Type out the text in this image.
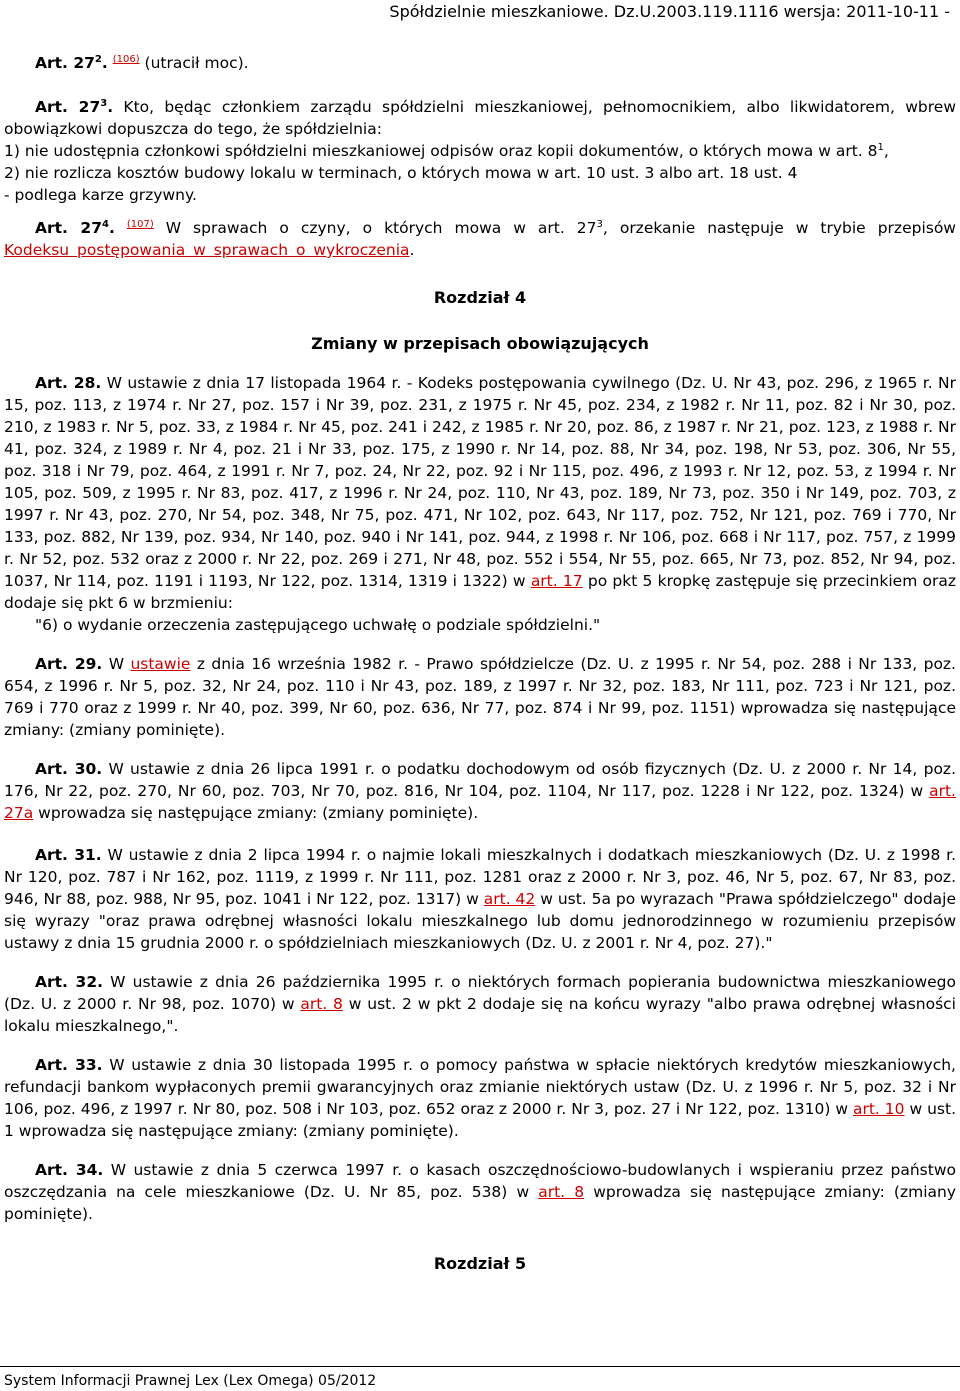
Spółdzielnie mieszkaniowe. Dz.U.2003.119.1116 wersja: 2011-10-11 -

Art. $27^2$. $^{(106)}$ (utracił moc).

Art. $27^3$. Kto, będąc członkiem zarządu spółdzielni mieszkaniowej, pełnomocnikiem, albo likwidatorem, wbrew obowiązkowi dopuszcza do tego, że spółdzielnia:

1) nie udostępnia członkowi spółdzielni mieszkaniowej odpisów oraz kopii dokumentów, o których mowa w art. $8^1$,

2) nie rozlicza kosztów budowy lokalu w terminach, o których mowa w art. 10 ust. 3 albo art. 18 ust. 4

- podlega karze grzywny.

Art. $27^4$. $^{(107)}$ W sprawach o czyny, o których mowa w art. $27^3$, orzekanie następuje w trybie przepisów Kodeksu postępowania w sprawach o wykroczenia.

Rozdział 4

Zmiany w przepisach obowiązujących

Art. 28. W ustawie z dnia 17 listopada 1964 r. - Kodeks postępowania cywilnego (Dz. U. Nr 43, poz. 296, z 1965 r. Nr 15, poz. 113, z 1974 r. Nr 27, poz. 157 i Nr 39, poz. 231, z 1975 r. Nr 45, poz. 234, z 1982 r. Nr 11, poz. 82 i Nr 30, poz. 210, z 1983 r. Nr 5, poz. 33, z 1984 r. Nr 45, poz. 241 i 242, z 1985 r. Nr 20, poz. 86, z 1987 r. Nr 21, poz. 123, z 1988 r. Nr 41, poz. 324, z 1989 r. Nr 4, poz. 21 i Nr 33, poz. 175, z 1990 r. Nr 14, poz. 88, Nr 34, poz. 198, Nr 53, poz. 306, Nr 55, poz. 318 i Nr 79, poz. 464, z 1991 r. Nr 7, poz. 24, Nr 22, poz. 92 i Nr 115, poz. 496, z 1993 r. Nr 12, poz. 53, z 1994 r. Nr 105, poz. 509, z 1995 r. Nr 83, poz. 417, z 1996 r. Nr 24, poz. 110, Nr 43, poz. 189, Nr 73, poz. 350 i Nr 149, poz. 703, z 1997 r. Nr 43, poz. 270, Nr 54, poz. 348, Nr 75, poz. 471, Nr 102, poz. 643, Nr 117, poz. 752, Nr 121, poz. 769 i 770, Nr 133, poz. 882, Nr 139, poz. 934, Nr 140, poz. 940 i Nr 141, poz. 944, z 1998 r. Nr 106, poz. 668 i Nr 117, poz. 757, z 1999 r. Nr 52, poz. 532 oraz z 2000 r. Nr 22, poz. 269 i 271, Nr 48, poz. 552 i 554, Nr 55, poz. 665, Nr 73, poz. 852, Nr 94, poz. 1037, Nr 114, poz. 1191 i 1193, Nr 122, poz. 1314, 1319 i 1322) w art. 17 po pkt 5 kropkę zastępuje się przecinkiem oraz dodaje się pkt 6 w brzmieniu:

"6) o wydanie orzeczenia zastępującego uchwałę o podziale spółdzielni."

Art. 29. W ustawie z dnia 16 września 1982 r. - Prawo spółdzielcze (Dz. U. z 1995 r. Nr 54, poz. 288 i Nr 133, poz. 654, z 1996 r. Nr 5, poz. 32, Nr 24, poz. 110 i Nr 43, poz. 189, z 1997 r. Nr 32, poz. 183, Nr 111, poz. 723 i Nr 121, poz. 769 i 770 oraz z 1999 r. Nr 40, poz. 399, Nr 60, poz. 636, Nr 77, poz. 874 i Nr 99, poz. 1151) wprowadza się następujące zmiany: (zmiany pominięte).

Art. 30. W ustawie z dnia 26 lipca 1991 r. o podatku dochodowym od osób fizycznych (Dz. U. z 2000 r. Nr 14, poz. 176, Nr 22, poz. 270, Nr 60, poz. 703, Nr 70, poz. 816, Nr 104, poz. 1104, Nr 117, poz. 1228 i Nr 122, poz. 1324) w art. 27a wprowadza się następujące zmiany: (zmiany pominięte).

Art. 31. W ustawie z dnia 2 lipca 1994 r. o najmie lokali mieszkalnych i dodatkach mieszkaniowych (Dz. U. z 1998 r. Nr 120, poz. 787 i Nr 162, poz. 1119, z 1999 r. Nr 111, poz. 1281 oraz z 2000 r. Nr 3, poz. 46, Nr 5, poz. 67, Nr 83, poz. 946, Nr 88, poz. 988, Nr 95, poz. 1041 i Nr 122, poz. 1317) w art. 42 w ust. 5a po wyrazach "Prawa spółdzielczego" dodaje się wyrazy "oraz prawa odrębnej własności lokalu mieszkalnego lub domu jednorodzinnego w rozumieniu przepisów ustawy z dnia 15 grudnia 2000 r. o spółdzielniach mieszkaniowych (Dz. U. z 2001 r. Nr 4, poz. 27)."

Art. 32. W ustawie z dnia 26 października 1995 r. o niektórych formach popierania budownictwa mieszkaniowego (Dz. U. z 2000 r. Nr 98, poz. 1070) w art. 8 w ust. 2 w pkt 2 dodaje się na końcu wyrazy "albo prawa odrębnej własności lokalu mieszkalnego,".

Art. 33. W ustawie z dnia 30 listopada 1995 r. o pomocy państwa w spłacie niektórych kredytów mieszkaniowych, refundacji bankom wypłaconych premii gwarancyjnych oraz zmianie niektórych ustaw (Dz. U. z 1996 r. Nr 5, poz. 32 i Nr 106, poz. 496, z 1997 r. Nr 80, poz. 508 i Nr 103, poz. 652 oraz z 2000 r. Nr 3, poz. 27 i Nr 122, poz. 1310) w art. 10 w ust. 1 wprowadza się następujące zmiany: (zmiany pominięte).

Art. 34. W ustawie z dnia 5 czerwca 1997 r. o kasach oszczędnościowo-budowlanych i wspieraniu przez państwo oszczędzania na cele mieszkaniowe (Dz. U. Nr 85, poz. 538) w art. 8 wprowadza się następujące zmiany: (zmiany pominięte).

Rozdział 5

System Informacji Prawnej Lex (Lex Omega) 05/2012
